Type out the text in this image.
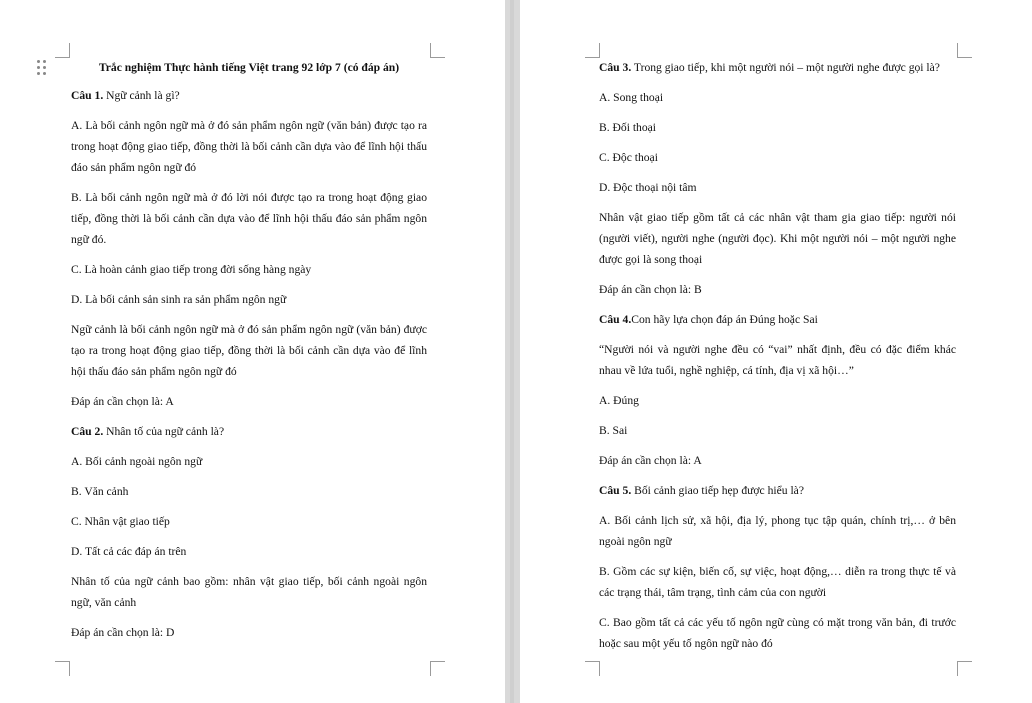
Trắc nghiệm Thực hành tiếng Việt trang 92 lớp 7 (có đáp án)

Câu 1. Ngữ cảnh là gì?

A. Là bối cảnh ngôn ngữ mà ở đó sản phẩm ngôn ngữ (văn bản) được tạo ra trong hoạt động giao tiếp, đồng thời là bối cảnh cần dựa vào để lĩnh hội thấu đáo sản phẩm ngôn ngữ đó

B. Là bối cảnh ngôn ngữ mà ở đó lời nói được tạo ra trong hoạt động giao tiếp, đồng thời là bối cảnh cần dựa vào để lĩnh hội thấu đáo sản phẩm ngôn ngữ đó.

C. Là hoàn cảnh giao tiếp trong đời sống hàng ngày

D. Là bối cảnh sản sinh ra sản phẩm ngôn ngữ

Ngữ cảnh là bối cảnh ngôn ngữ mà ở đó sản phẩm ngôn ngữ (văn bản) được tạo ra trong hoạt động giao tiếp, đồng thời là bối cảnh cần dựa vào để lĩnh hội thấu đáo sản phẩm ngôn ngữ đó

Đáp án cần chọn là: A

Câu 2. Nhân tố của ngữ cảnh là?

A. Bối cảnh ngoài ngôn ngữ

B. Văn cảnh

C. Nhân vật giao tiếp

D. Tất cả các đáp án trên

Nhân tố của ngữ cảnh bao gồm: nhân vật giao tiếp, bối cảnh ngoài ngôn ngữ, văn cảnh

Đáp án cần chọn là: D

Câu 3. Trong giao tiếp, khi một người nói – một người nghe được gọi là?

A. Song thoại

B. Đối thoại

C. Độc thoại

D. Độc thoại nội tâm

Nhân vật giao tiếp gồm tất cả các nhân vật tham gia giao tiếp: người nói (người viết), người nghe (người đọc). Khi một người nói – một người nghe được gọi là song thoại

Đáp án cần chọn là: B

Câu 4.Con hãy lựa chọn đáp án Đúng hoặc Sai

“Người nói và người nghe đều có “vai” nhất định, đều có đặc điểm khác nhau về lứa tuổi, nghề nghiệp, cá tính, địa vị xã hội…”

A. Đúng

B. Sai

Đáp án cần chọn là: A

Câu 5. Bối cảnh giao tiếp hẹp được hiểu là?

A. Bối cảnh lịch sử, xã hội, địa lý, phong tục tập quán, chính trị,… ở bên ngoài ngôn ngữ

B. Gồm các sự kiện, biến cố, sự việc, hoạt động,… diễn ra trong thực tế và các trạng thái, tâm trạng, tình cảm của con người

C. Bao gồm tất cả các yếu tố ngôn ngữ cùng có mặt trong văn bản, đi trước hoặc sau một yếu tố ngôn ngữ nào đó
